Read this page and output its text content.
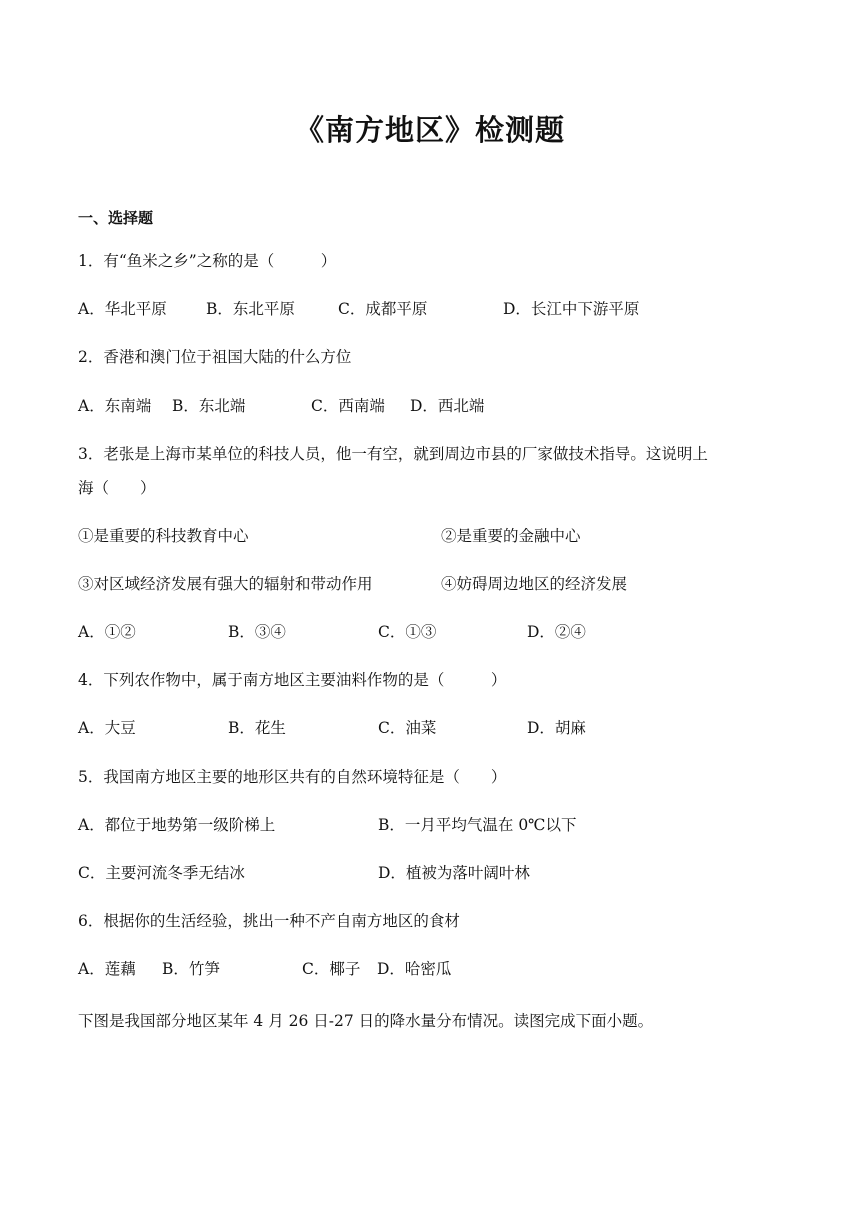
《南方地区》检测题
一、选择题
1．有“鱼米之乡”之称的是（　　　）
A．华北平原	B．东北平原	C．成都平原	D．长江中下游平原
2．香港和澳门位于祖国大陆的什么方位
A．东南端 B．东北端	C．西南端 D．西北端
3．老张是上海市某单位的科技人员，他一有空，就到周边市县的厂家做技术指导。这说明上
海（　　）
①是重要的科技教育中心	②是重要的金融中心
③对区域经济发展有强大的辐射和带动作用	④妨碍周边地区的经济发展
A．①②	B．③④	C．①③	D．②④
4．下列农作物中，属于南方地区主要油料作物的是（　　　）
A．大豆	B．花生	C．油菜	D．胡麻
5．我国南方地区主要的地形区共有的自然环境特征是（　　）
A．都位于地势第一级阶梯上	B．一月平均气温在 0℃以下
C．主要河流冬季无结冰	D．植被为落叶阔叶林
6．根据你的生活经验，挑出一种不产自南方地区的食材
A．莲藕 B．竹笋	C．椰子 D．哈密瓜
下图是我国部分地区某年 4 月 26 日-27 日的降水量分布情况。读图完成下面小题。
